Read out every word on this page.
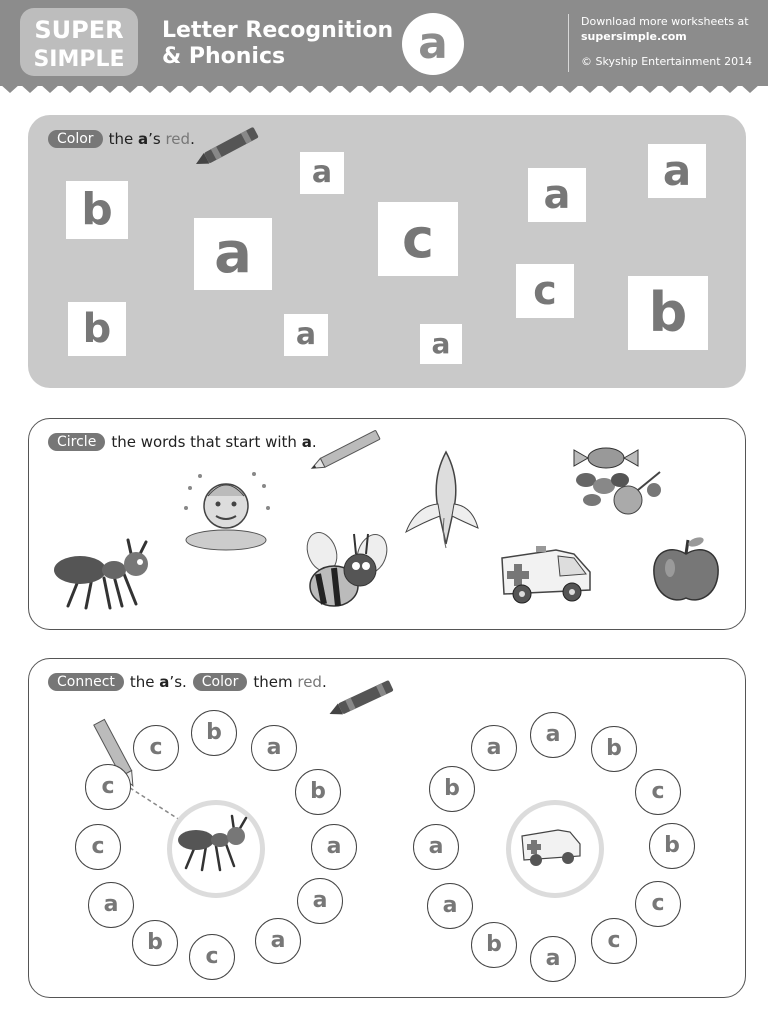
SUPER
SIMPLE
Letter Recognition
& Phonics	a	Download more worksheets at
supersimple.com
© Skyship Entertainment 2014
Color	the a’s red.
b
a
a	a	a
b
c
c	b
a	a
Circle	the words that start with a.
Connect	the a’s.	Color	them red.
b
a
b
c
a
a
c
b	a
c
a
c
a
b
c
a
b
c
a
b
a
c
b
a
